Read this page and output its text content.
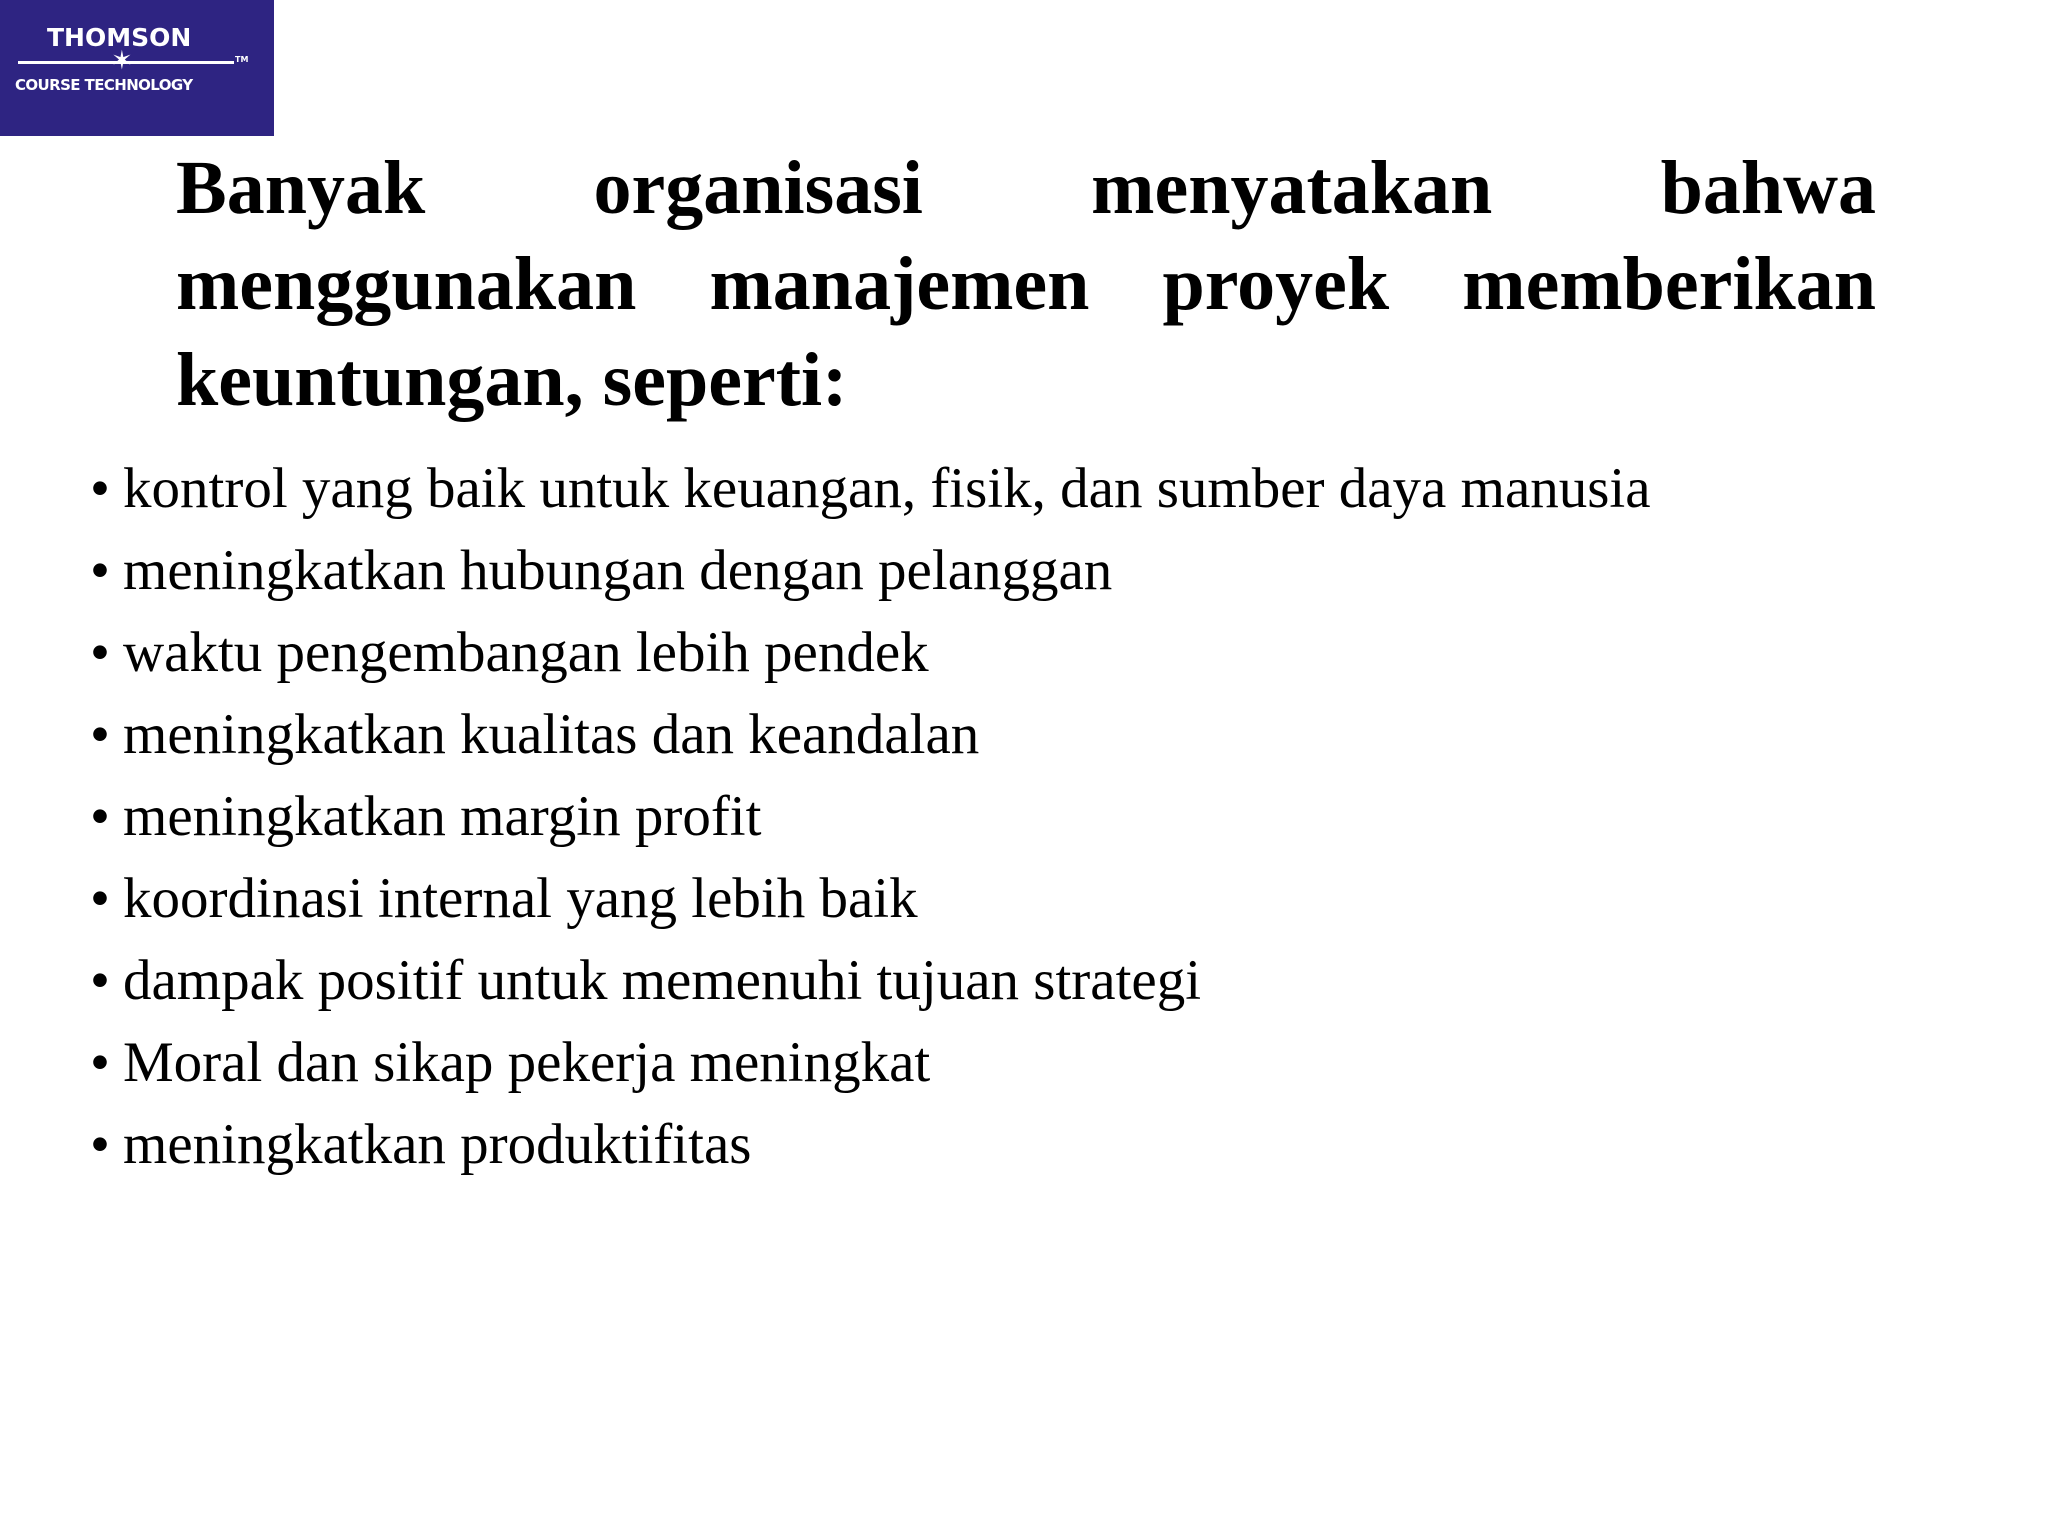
THOMSON
✶	TM
COURSE TECHNOLOGY
Banyak organisasi menyatakan bahwa menggunakan manajemen proyek memberikan keuntungan, seperti:
• kontrol yang baik untuk keuangan, fisik, dan sumber daya manusia
• meningkatkan hubungan dengan pelanggan
• waktu pengembangan lebih pendek
• meningkatkan kualitas dan keandalan
• meningkatkan margin profit
• koordinasi internal yang lebih baik
• dampak positif untuk memenuhi tujuan strategi
• Moral dan sikap pekerja meningkat
• meningkatkan produktifitas
